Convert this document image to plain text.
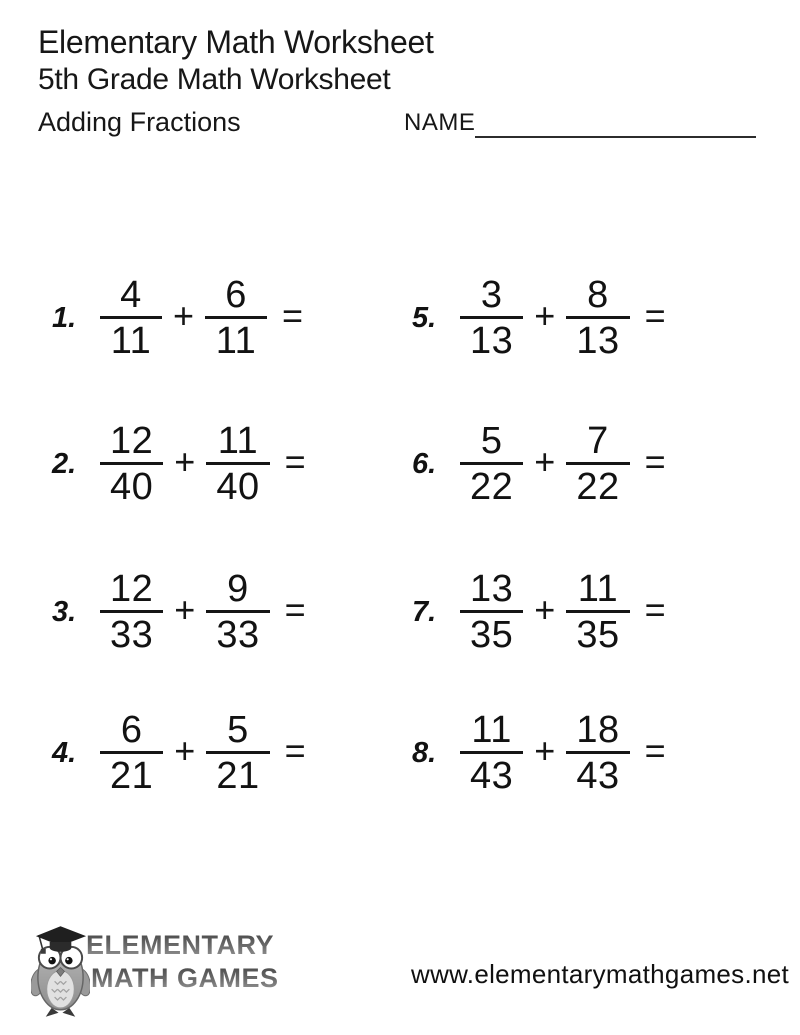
Elementary Math Worksheet
5th Grade Math Worksheet
Adding Fractions	NAME
1. $\frac{4}{11} + \frac{6}{11}$ =
2. $\frac{12}{40} + \frac{11}{40}$ =
3. $\frac{12}{33} + \frac{9}{33}$ =
4. $\frac{6}{21} + \frac{5}{21}$ =
5. $\frac{3}{13} + \frac{8}{13}$ =
6. $\frac{5}{22} + \frac{7}{22}$ =
7. $\frac{13}{35} + \frac{11}{35}$ =
8. $\frac{11}{43} + \frac{18}{43}$ =
ELEMENTARY
MATH GAMES	www.elementarymathgames.net
